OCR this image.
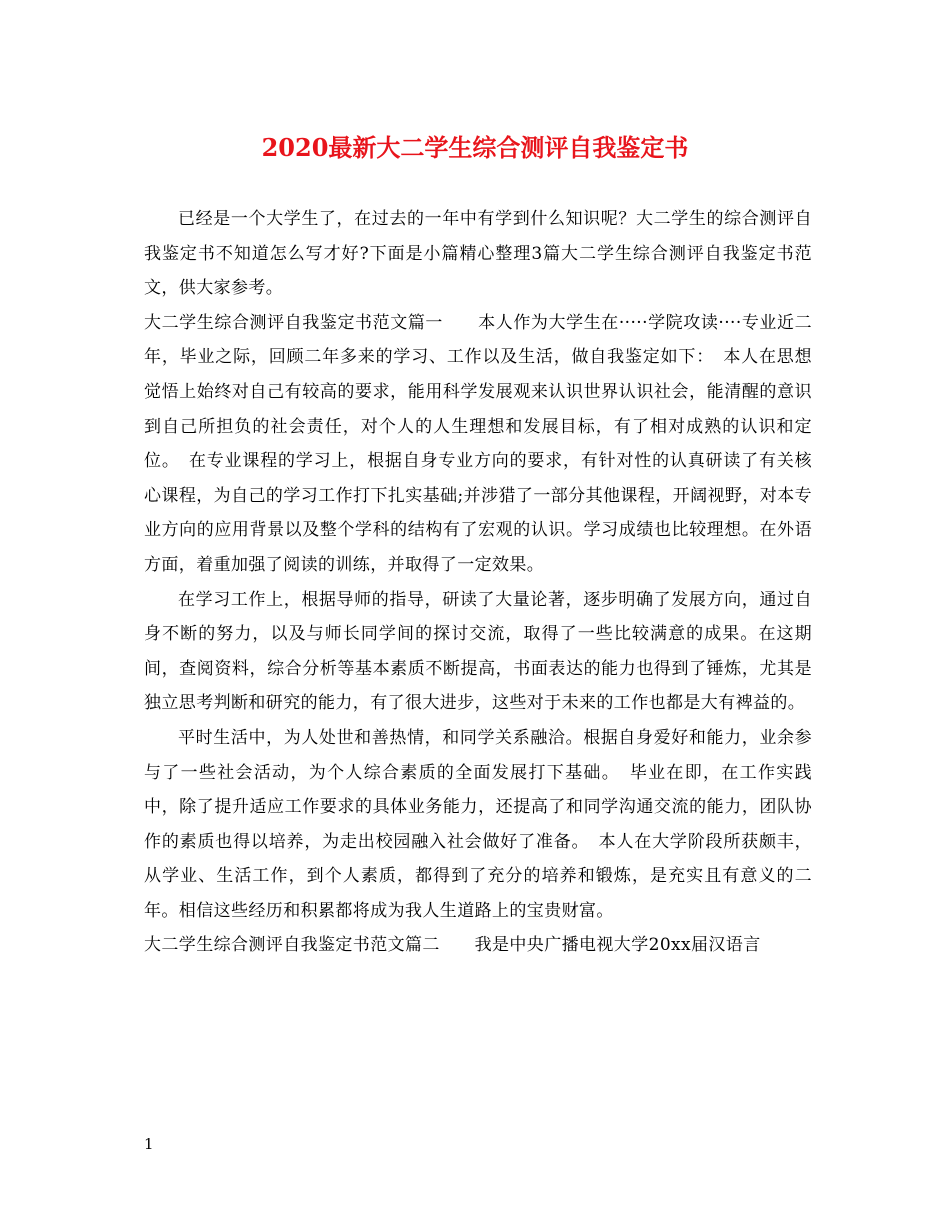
2020最新大二学生综合测评自我鉴定书

已经是一个大学生了，在过去的一年中有学到什么知识呢？大二学生的综合测评自我鉴定书不知道怎么写才好?下面是小篇精心整理3篇大二学生综合测评自我鉴定书范文，供大家参考。

大二学生综合测评自我鉴定书范文篇一　　本人作为大学生在·····学院攻读····专业近二年，毕业之际，回顾二年多来的学习、工作以及生活，做自我鉴定如下：　本人在思想觉悟上始终对自己有较高的要求，能用科学发展观来认识世界认识社会，能清醒的意识到自己所担负的社会责任，对个人的人生理想和发展目标，有了相对成熟的认识和定位。　在专业课程的学习上，根据自身专业方向的要求，有针对性的认真研读了有关核心课程，为自己的学习工作打下扎实基础;并涉猎了一部分其他课程，开阔视野，对本专业方向的应用背景以及整个学科的结构有了宏观的认识。学习成绩也比较理想。在外语方面，着重加强了阅读的训练，并取得了一定效果。

在学习工作上，根据导师的指导，研读了大量论著，逐步明确了发展方向，通过自身不断的努力，以及与师长同学间的探讨交流，取得了一些比较满意的成果。在这期间，查阅资料，综合分析等基本素质不断提高，书面表达的能力也得到了锤炼，尤其是独立思考判断和研究的能力，有了很大进步，这些对于未来的工作也都是大有裨益的。

平时生活中，为人处世和善热情，和同学关系融洽。根据自身爱好和能力，业余参与了一些社会活动，为个人综合素质的全面发展打下基础。　毕业在即，在工作实践中，除了提升适应工作要求的具体业务能力，还提高了和同学沟通交流的能力，团队协作的素质也得以培养，为走出校园融入社会做好了准备。　本人在大学阶段所获颇丰，从学业、生活工作，到个人素质，都得到了充分的培养和锻炼，是充实且有意义的二年。相信这些经历和积累都将成为我人生道路上的宝贵财富。

大二学生综合测评自我鉴定书范文篇二　　我是中央广播电视大学20xx届汉语言

1
